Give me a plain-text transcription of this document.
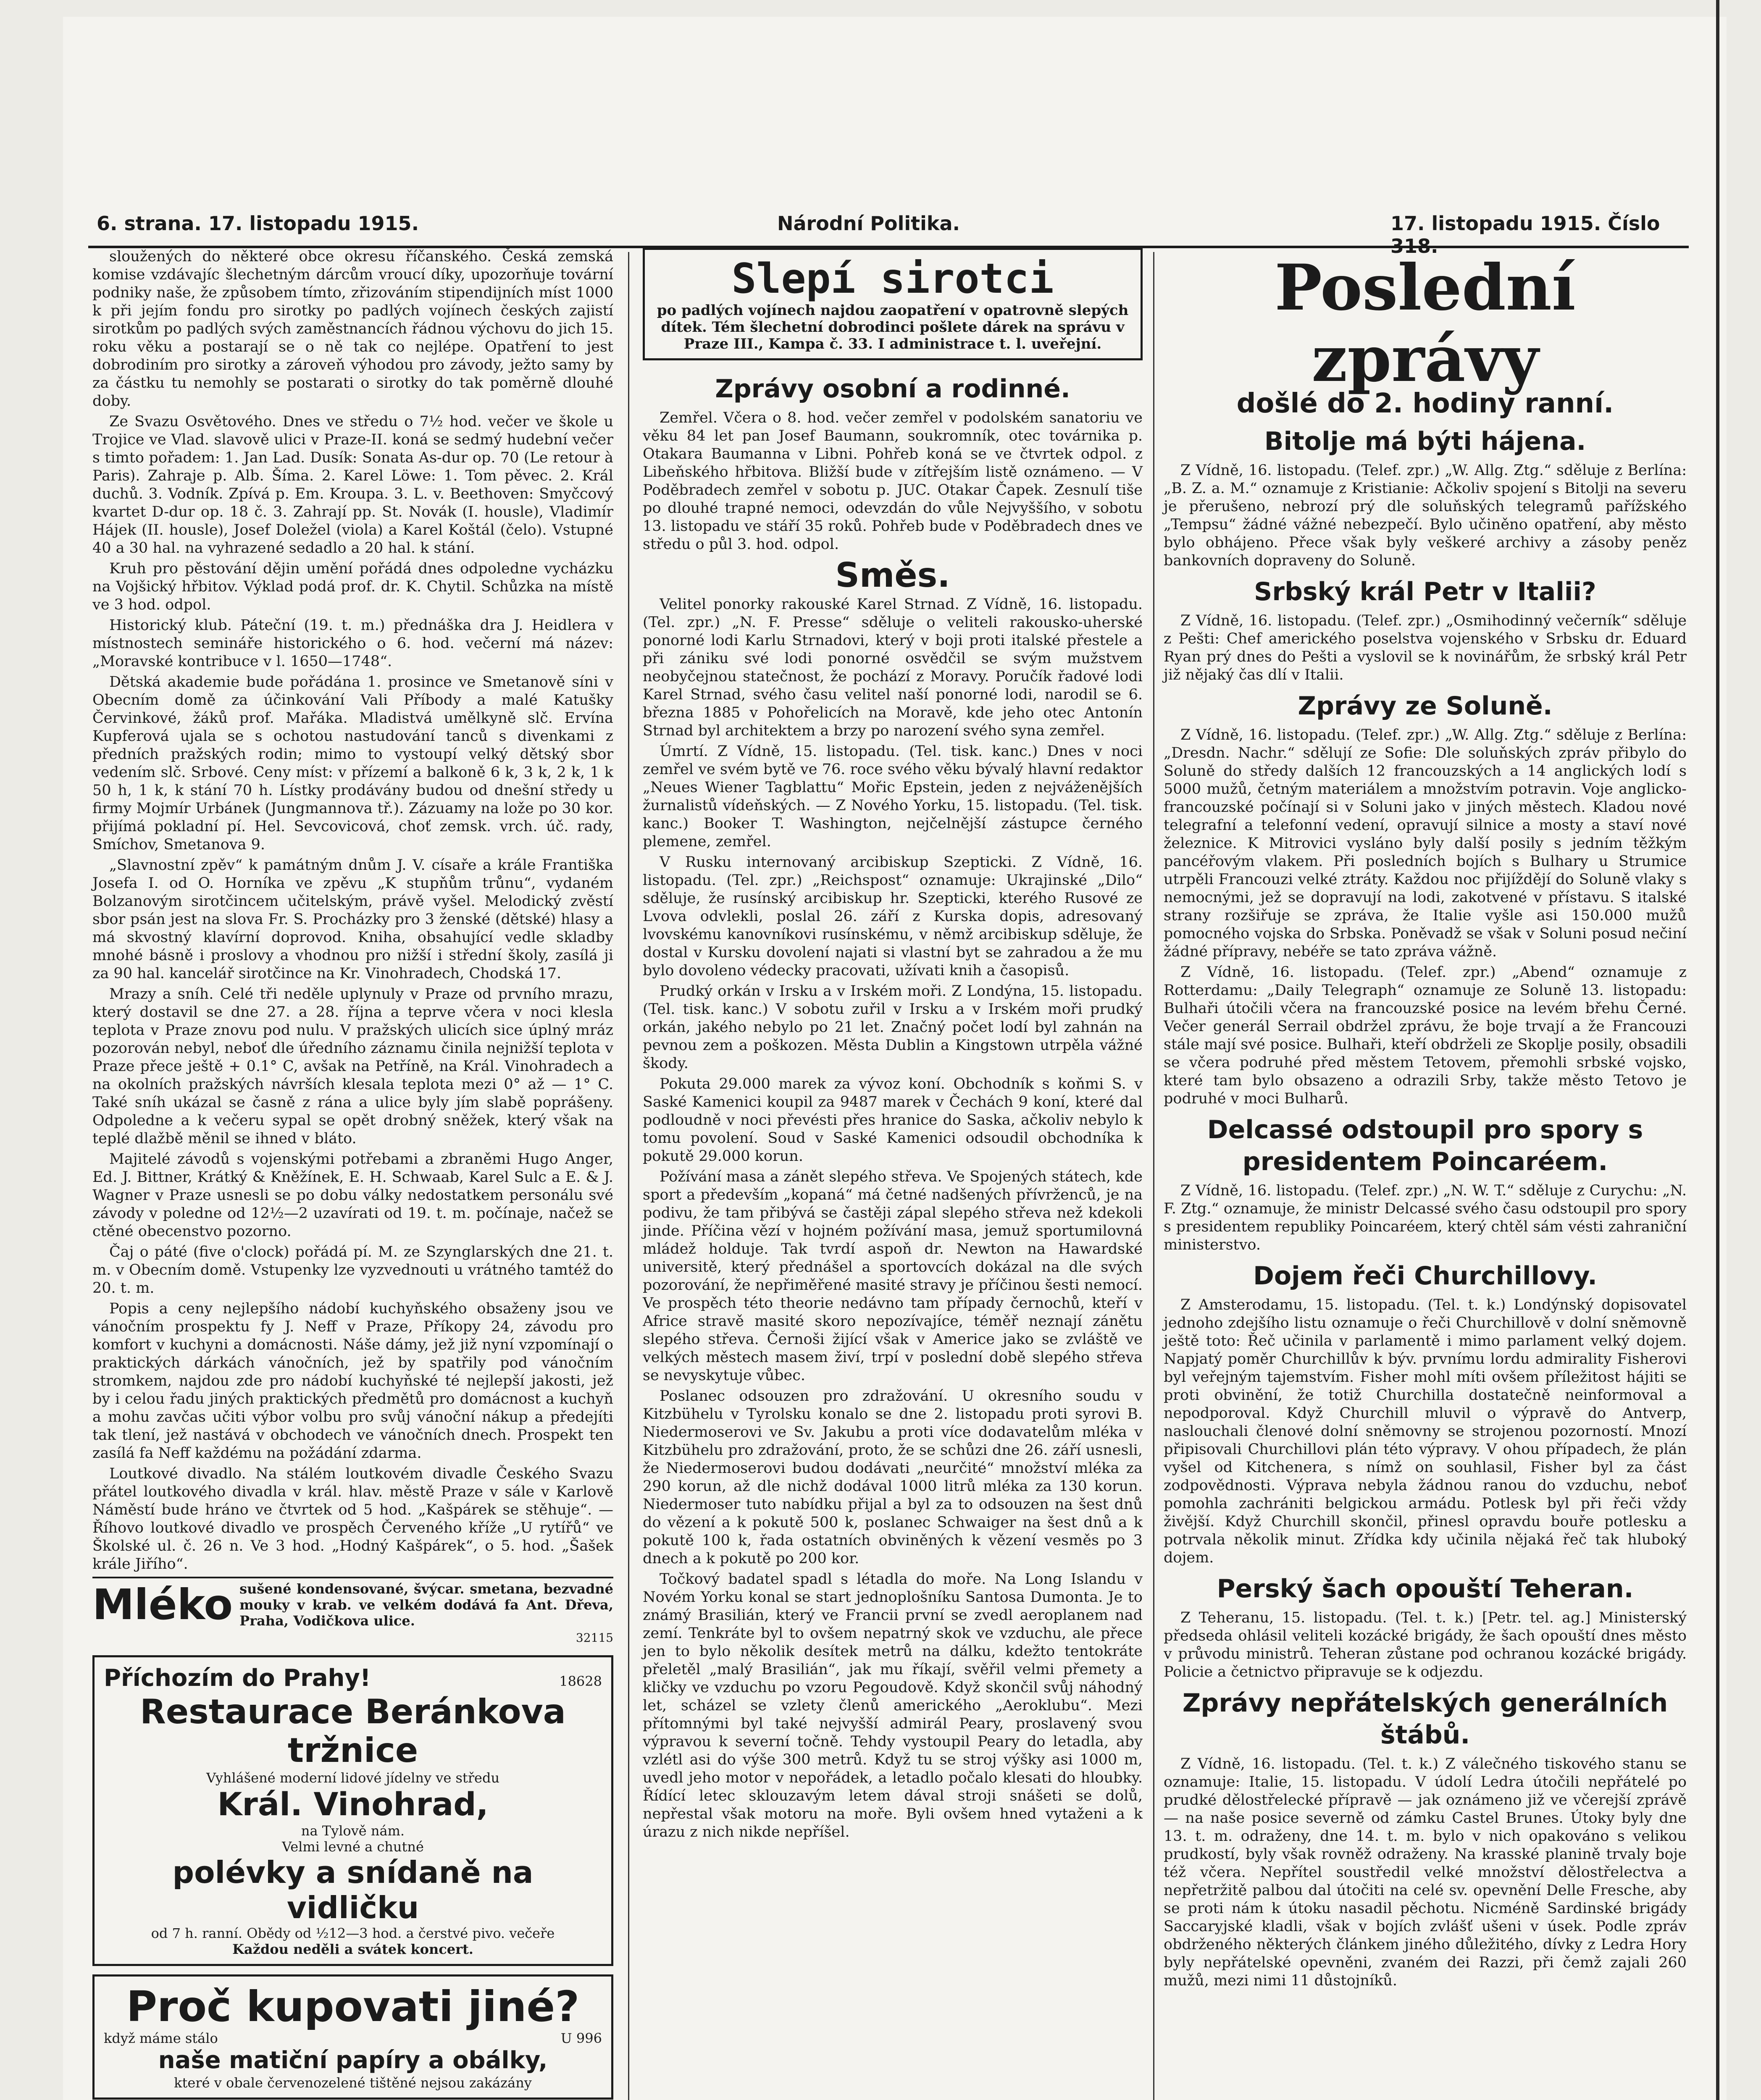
6. strana. 17. listopadu 1915.	Národní Politika.	17. listopadu 1915. Číslo 318.

sloužených do některé obce okresu říčanského. Česká zemská komise vzdávajíc šlechetným dárcům vroucí díky, upozorňuje tovární podniky naše, že způsobem tímto, zřizováním stipendijních míst 1000 k při jejím fondu pro sirotky po padlých vojínech českých zajistí sirotkům po padlých svých zaměstnancích řádnou výchovu do jich 15. roku věku a postarají se o ně tak co nejlépe. Opatření to jest dobrodiním pro sirotky a zároveň výhodou pro závody, ježto samy by za částku tu nemohly se postarati o sirotky do tak poměrně dlouhé doby.

Ze Svazu Osvětového. Dnes ve středu o 7½ hod. večer ve škole u Trojice ve Vlad. slavově ulici v Praze-II. koná se sedmý hudební večer s timto pořadem: 1. Jan Lad. Dusík: Sonata As-dur op. 70 (Le retour à Paris). Zahraje p. Alb. Šíma. 2. Karel Löwe: 1. Tom pěvec. 2. Král duchů. 3. Vodník. Zpívá p. Em. Kroupa. 3. L. v. Beethoven: Smyčcový kvartet D-dur op. 18 č. 3. Zahrají pp. St. Novák (I. housle), Vladimír Hájek (II. housle), Josef Doležel (viola) a Karel Koštál (čelo). Vstupné 40 a 30 hal. na vyhrazené sedadlo a 20 hal. k stání.

Kruh pro pěstování dějin umění pořádá dnes odpoledne vycházku na Vojšický hřbitov. Výklad podá prof. dr. K. Chytil. Schůzka na místě ve 3 hod. odpol.

Historický klub. Páteční (19. t. m.) přednáška dra J. Heidlera v místnostech semináře historického o 6. hod. večerní má název: „Moravské kontribuce v l. 1650—1748“.

Dětská akademie bude pořádána 1. prosince ve Smetanově síni v Obecním domě za účinkování Vali Příbody a malé Katušky Červinkové, žáků prof. Mařáka. Mladistvá umělkyně slč. Ervína Kupferová ujala se s ochotou nastudování tanců s divenkami z předních pražských rodin; mimo to vystoupí velký dětský sbor vedením slč. Srbové. Ceny míst: v přízemí a balkoně 6 k, 3 k, 2 k, 1 k 50 h, 1 k, k stání 70 h. Lístky prodávány budou od dnešní středy u firmy Mojmír Urbánek (Jungmannova tř.). Zázuamy na lože po 30 kor. přijímá pokladní pí. Hel. Sevcovicová, choť zemsk. vrch. úč. rady, Smíchov, Smetanova 9.

„Slavnostní zpěv“ k památným dnům J. V. císaře a krále Františka Josefa I. od O. Horníka ve zpěvu „K stupňům trůnu“, vydaném Bolzanovým sirotčincem učitelským, právě vyšel. Melodický zvěstí sbor psán jest na slova Fr. S. Procházky pro 3 ženské (dětské) hlasy a má skvostný klavírní doprovod. Kniha, obsahující vedle skladby mnohé básně i proslovy a vhodnou pro nižší i střední školy, zasílá ji za 90 hal. kancelář sirotčince na Kr. Vinohradech, Chodská 17.

Mrazy a sníh. Celé tři neděle uplynuly v Praze od prvního mrazu, který dostavil se dne 27. a 28. října a teprve včera v noci klesla teplota v Praze znovu pod nulu. V pražských ulicích sice úplný mráz pozorován nebyl, neboť dle úředního záznamu činila nejnižší teplota v Praze přece ještě + 0.1° C, avšak na Petříně, na Král. Vinohradech a na okolních pražských návrších klesala teplota mezi 0° až — 1° C. Také sníh ukázal se časně z rána a ulice byly jím slabě poprášeny. Odpoledne a k večeru sypal se opět drobný sněžek, který však na teplé dlažbě měnil se ihned v bláto.

Majitelé závodů s vojenskými potřebami a zbraněmi Hugo Anger, Ed. J. Bittner, Krátký & Kněžínek, E. H. Schwaab, Karel Sulc a E. & J. Wagner v Praze usnesli se po dobu války nedostatkem personálu své závody v poledne od 12½—2 uzavírati od 19. t. m. počínaje, načež se ctěné obecenstvo pozorno.

Čaj o páté (five o'clock) pořádá pí. M. ze Szynglarských dne 21. t. m. v Obecním domě. Vstupenky lze vyzvednouti u vrátného tamtéž do 20. t. m.

Popis a ceny nejlepšího nádobí kuchyňského obsaženy jsou ve vánočním prospektu fy J. Neff v Praze, Příkopy 24, závodu pro komfort v kuchyni a domácnosti. Náše dámy, jež již nyní vzpomínají o praktických dárkách vánočních, jež by spatřily pod vánočním stromkem, najdou zde pro nádobí kuchyňské té nejlepší jakosti, jež by i celou řadu jiných praktických předmětů pro domácnost a kuchyň a mohu zavčas učiti výbor volbu pro svůj vánoční nákup a předejíti tak tlení, jež nastává v obchodech ve vánočních dnech. Prospekt ten zasílá fa Neff každému na požádání zdarma.

Loutkové divadlo. Na stálém loutkovém divadle Českého Svazu přátel loutkového divadla v král. hlav. městě Praze v sále v Karlově Náměstí bude hráno ve čtvrtek od 5 hod. „Kašpárek se stěhuje“. — Říhovo loutkové divadlo ve prospěch Červeného kříže „U rytířů“ ve Školské ul. č. 26 n. Ve 3 hod. „Hodný Kašpárek“, o 5. hod. „Šašek krále Jiřího“.

Mléko sušené kondensované, švýcar. smetana, bezvadné mouky v krab. ve velkém dodává fa Ant. Dřeva, Praha, Vodičkova ulice.
32115
Příchozím do Prahy!	18628
Restaurace Beránkova tržnice
Vyhlášené moderní lidové jídelny ve středu
Král. Vinohrad,
na Tylově nám.
Velmi levné a chutné
polévky a snídaně na vidličku
od 7 h. ranní. Obědy od ½12—3 hod. a čerstvé pivo. večeře
Každou neděli a svátek koncert.
Proč kupovati jiné?
když máme stálo	U 996
naše matiční papíry a obálky,
které v obale červenozelené tištěné nejsou zakázány
Slepí sirotci
po padlých vojínech najdou zaopatření v opatrovně slepých dítek. Tém šlechetní dobrodinci pošlete dárek na správu v Praze III., Kampa č. 33. I administrace t. l. uveřejní.
Zprávy osobní a rodinné.

Zemřel. Včera o 8. hod. večer zemřel v podolském sanatoriu ve věku 84 let pan Josef Baumann, soukromník, otec továrnika p. Otakara Baumanna v Libni. Pohřeb koná se ve čtvrtek odpol. z Libeňského hřbitova. Bližší bude v zítřejším listě oznámeno. — V Poděbradech zemřel v sobotu p. JUC. Otakar Čapek. Zesnulí tiše po dlouhé trapné nemoci, odevzdán do vůle Nejvyššího, v sobotu 13. listopadu ve stáří 35 roků. Pohřeb bude v Poděbradech dnes ve středu o půl 3. hod. odpol.

Směs.

Velitel ponorky rakouské Karel Strnad. Z Vídně, 16. listopadu. (Tel. zpr.) „N. F. Presse“ sděluje o veliteli rakousko-uherské ponorné lodi Karlu Strnadovi, který v boji proti italské přestele a při zániku své lodi ponorné osvědčil se svým mužstvem neobyčejnou statečnost, že pochází z Moravy. Poručík řadové lodi Karel Strnad, svého času velitel naší ponorné lodi, narodil se 6. března 1885 v Pohořelicích na Moravě, kde jeho otec Antonín Strnad byl architektem a brzy po narození svého syna zemřel.

Úmrtí. Z Vídně, 15. listopadu. (Tel. tisk. kanc.) Dnes v noci zemřel ve svém bytě ve 76. roce svého věku bývalý hlavní redaktor „Neues Wiener Tagblattu“ Mořic Epstein, jeden z nejváženějších žurnalistů vídeňských. — Z Nového Yorku, 15. listopadu. (Tel. tisk. kanc.) Booker T. Washington, nejčelnější zástupce černého plemene, zemřel.

V Rusku internovaný arcibiskup Szepticki. Z Vídně, 16. listopadu. (Tel. zpr.) „Reichspost“ oznamuje: Ukrajinské „Dilo“ sděluje, že rusínský arcibiskup hr. Szepticki, kterého Rusové ze Lvova odvlekli, poslal 26. září z Kurska dopis, adresovaný lvovskému kanovníkovi rusínskému, v němž arcibiskup sděluje, že dostal v Kursku dovolení najati si vlastní byt se zahradou a že mu bylo dovoleno védecky pracovati, užívati knih a časopisů.

Prudký orkán v Irsku a v Irském moři. Z Londýna, 15. listopadu. (Tel. tisk. kanc.) V sobotu zuřil v Irsku a v Irském moři prudký orkán, jakého nebylo po 21 let. Značný počet lodí byl zahnán na pevnou zem a poškozen. Města Dublin a Kingstown utrpěla vážné škody.

Pokuta 29.000 marek za vývoz koní. Obchodník s koňmi S. v Saské Kamenici koupil za 9487 marek v Čechách 9 koní, které dal podloudně v noci převésti přes hranice do Saska, ačkoliv nebylo k tomu povolení. Soud v Saské Kamenici odsoudil obchodníka k pokutě 29.000 korun.

Požívání masa a zánět slepého střeva. Ve Spojených státech, kde sport a především „kopaná“ má četné nadšených přívrženců, je na podivu, že tam přibývá se častěji zápal slepého střeva než kdekoli jinde. Příčina vězí v hojném požívání masa, jemuž sportumilovná mládež holduje. Tak tvrdí aspoň dr. Newton na Hawardské universitě, který přednášel a sportovcích dokázal na dle svých pozorování, že nepřiměřené masité stravy je příčinou šesti nemocí. Ve prospěch této theorie nedávno tam případy černochů, kteří v Africe stravě masité skoro nepozívajíce, téměř neznají zánětu slepého střeva. Černoši žijící však v Americe jako se zvláště ve velkých městech masem živí, trpí v poslední době slepého střeva se nevyskytuje vůbec.

Poslanec odsouzen pro zdražování. U okresního soudu v Kitzbühelu v Tyrolsku konalo se dne 2. listopadu proti syrovi B. Niedermoserovi ve Sv. Jakubu a proti více dodavatelům mléka v Kitzbühelu pro zdražování, proto, že se schůzi dne 26. září usnesli, že Niedermoserovi budou dodávati „neurčité“ množství mléka za 290 korun, až dle nichž dodával 1000 litrů mléka za 130 korun. Niedermoser tuto nabídku přijal a byl za to odsouzen na šest dnů do vězení a k pokutě 500 k, poslanec Schwaiger na šest dnů a k pokutě 100 k, řada ostatních obviněných k vězení vesměs po 3 dnech a k pokutě po 200 kor.

Točkový badatel spadl s létadla do moře. Na Long Islandu v Novém Yorku konal se start jednoplošníku Santosa Dumonta. Je to známý Brasilián, který ve Francii první se zvedl aeroplanem nad zemí. Tenkráte byl to ovšem nepatrný skok ve vzduchu, ale přece jen to bylo několik desítek metrů na dálku, kdežto tentokráte přeletěl „malý Brasilián“, jak mu říkají, svěřil velmi přemety a kličky ve vzduchu po vzoru Pegoudově. Když skončil svůj náhodný let, scházel se vzlety členů amerického „Aeroklubu“. Mezi přítomnými byl také nejvyšší admirál Peary, proslavený svou výpravou k severní točně. Tehdy vystoupil Peary do letadla, aby vzlétl asi do výše 300 metrů. Když tu se stroj výšky asi 1000 m, uvedl jeho motor v nepořádek, a letadlo počalo klesati do hloubky. Řídící letec sklouzavým letem dával stroji snášeti se dolů, nepřestal však motoru na moře. Byli ovšem hned vytaženi a k úrazu z nich nikde nepříšel.

Poslední zprávy
došlé do 2. hodiny ranní.
Bitolje má býti hájena.

Z Vídně, 16. listopadu. (Telef. zpr.) „W. Allg. Ztg.“ sděluje z Berlína: „B. Z. a. M.“ oznamuje z Kristianie: Ačkoliv spojení s Bitolji na severu je přerušeno, nebrozí prý dle soluňských telegramů pařížského „Tempsu“ žádné vážné nebezpečí. Bylo učiněno opatření, aby město bylo obhájeno. Přece však byly veškeré archivy a zásoby peněz bankovních dopraveny do Soluně.

Srbský král Petr v Italii?

Z Vídně, 16. listopadu. (Telef. zpr.) „Osmihodinný večerník“ sděluje z Pešti: Chef amerického poselstva vojenského v Srbsku dr. Eduard Ryan prý dnes do Pešti a vyslovil se k novinářům, že srbský král Petr již nějaký čas dlí v Italii.

Zprávy ze Soluně.

Z Vídně, 16. listopadu. (Telef. zpr.) „W. Allg. Ztg.“ sděluje z Berlína: „Dresdn. Nachr.“ sdělují ze Sofie: Dle soluňských zpráv přibylo do Soluně do středy dalších 12 francouzských a 14 anglických lodí s 5000 mužů, četným materiálem a množstvím potravin. Voje anglicko-francouzské počínají si v Soluni jako v jiných městech. Kladou nové telegrafní a telefonní vedení, opravují silnice a mosty a staví nové železnice. K Mitrovici vysláno byly další posily s jedním těžkým pancéřovým vlakem. Při posledních bojích s Bulhary u Strumice utrpěli Francouzi velké ztráty. Každou noc přijíždějí do Soluně vlaky s nemocnými, jež se dopravují na lodi, zakotvené v přístavu. S italské strany rozšiřuje se zpráva, že Italie vyšle asi 150.000 mužů pomocného vojska do Srbska. Poněvadž se však v Soluni posud nečiní žádné přípravy, nebéře se tato zpráva vážně.

Z Vídně, 16. listopadu. (Telef. zpr.) „Abend“ oznamuje z Rotterdamu: „Daily Telegraph“ oznamuje ze Soluně 13. listopadu: Bulhaři útočili včera na francouzské posice na levém břehu Černé. Večer generál Serrail obdržel zprávu, že boje trvají a že Francouzi stále mají své posice. Bulhaři, kteří obdrželi ze Skoplje posily, obsadili se včera podruhé před městem Tetovem, přemohli srbské vojsko, které tam bylo obsazeno a odrazili Srby, takže město Tetovo je podruhé v moci Bulharů.

Delcassé odstoupil pro spory s presidentem Poincaréem.

Z Vídně, 16. listopadu. (Telef. zpr.) „N. W. T.“ sděluje z Curychu: „N. F. Ztg.“ oznamuje, že ministr Delcassé svého času odstoupil pro spory s presidentem republiky Poincaréem, který chtěl sám vésti zahraniční ministerstvo.

Dojem řeči Churchillovy.

Z Amsterodamu, 15. listopadu. (Tel. t. k.) Londýnský dopisovatel jednoho zdejšího listu oznamuje o řeči Churchillově v dolní sněmovně ještě toto: Řeč učinila v parlamentě i mimo parlament velký dojem. Napjatý poměr Churchillův k býv. prvnímu lordu admirality Fisherovi byl veřejným tajemstvím. Fisher mohl míti ovšem příležitost hájiti se proti obvinění, že totiž Churchilla dostatečně neinformoval a nepodporoval. Když Churchill mluvil o výpravě do Antverp, naslouchali členové dolní sněmovny se strojenou pozorností. Mnozí připisovali Churchillovi plán této výpravy. V ohou případech, že plán vyšel od Kitchenera, s nímž on souhlasil, Fisher byl za část zodpovědnosti. Výprava nebyla žádnou ranou do vzduchu, neboť pomohla zachrániti belgickou armádu. Potlesk byl při řeči vždy živější. Když Churchill skončil, přinesl opravdu bouře potlesku a potrvala několik minut. Zřídka kdy učinila nějaká řeč tak hluboký dojem.

Perský šach opouští Teheran.

Z Teheranu, 15. listopadu. (Tel. t. k.) [Petr. tel. ag.] Ministerský předseda ohlásil veliteli kozácké brigády, že šach opouští dnes město v průvodu ministrů. Teheran zůstane pod ochranou kozácké brigády. Policie a četnictvo připravuje se k odjezdu.

Zprávy nepřátelských generálních štábů.

Z Vídně, 16. listopadu. (Tel. t. k.) Z válečného tiskového stanu se oznamuje: Italie, 15. listopadu. V údolí Ledra útočili nepřátelé po prudké dělostřelecké přípravě — jak oznámeno již ve včerejší zprávě — na naše posice severně od zámku Castel Brunes. Útoky byly dne 13. t. m. odraženy, dne 14. t. m. bylo v nich opakováno s velikou prudkostí, byly však rovněž odraženy. Na krasské planině trvaly boje též včera. Nepřítel soustředil velké množství dělostřelectva a nepřetržitě palbou dal útočiti na celé sv. opevnění Delle Fresche, aby se proti nám k útoku nasadil pěchotu. Nicméně Sardinské brigády Saccaryjské kladli, však v bojích zvlášť ušeni v úsek. Podle zpráv obdrženého některých článkem jiného důležitého, dívky z Ledra Hory byly nepřátelské opevněni, zvaném dei Razzi, při čemž zajali 260 mužů, mezi nimi 11 důstojníků.
